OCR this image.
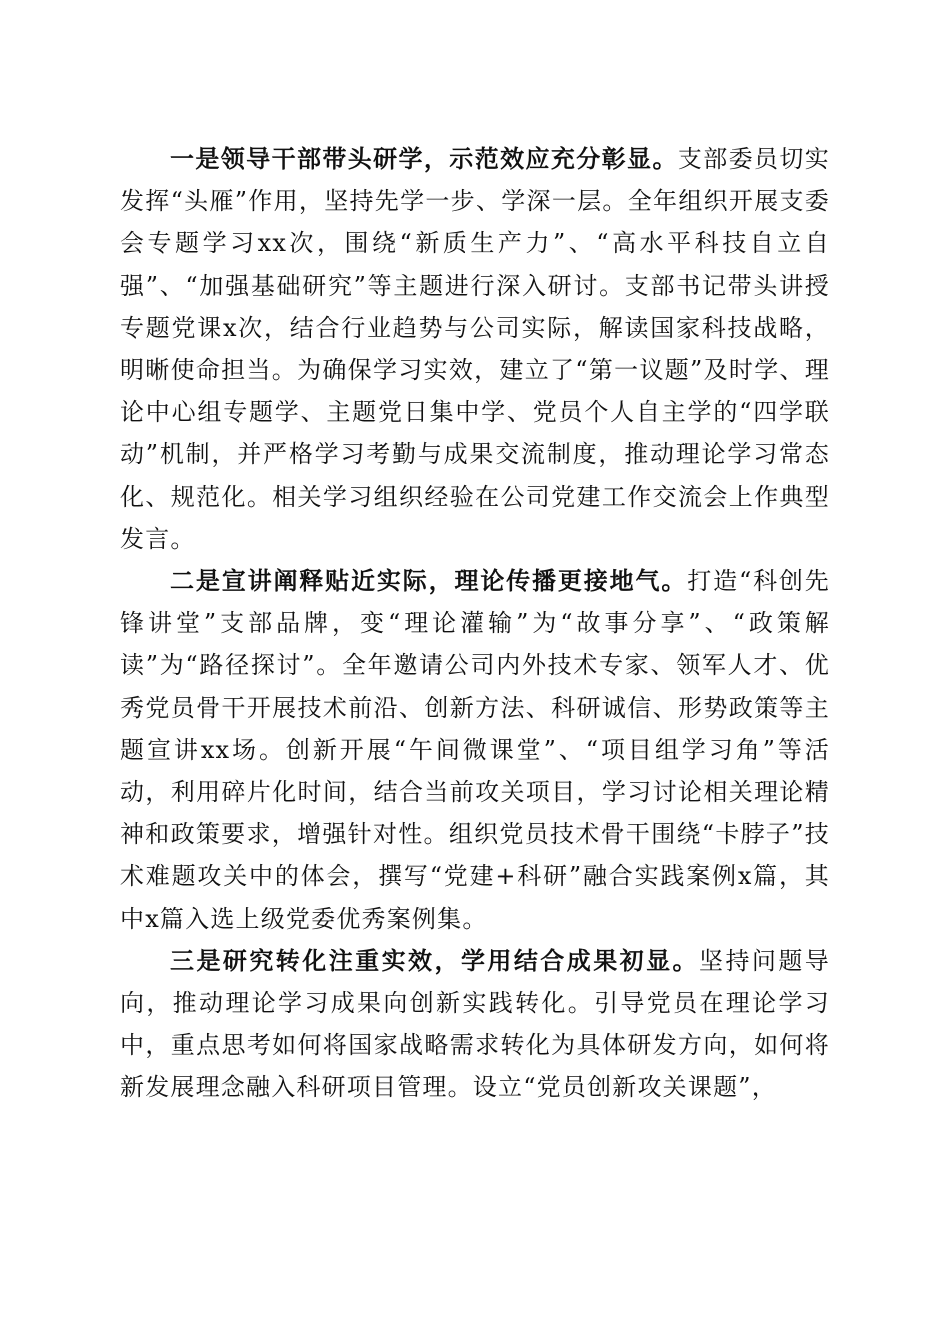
一是领导干部带头研学，示范效应充分彰显。支部委员切实发挥“头雁”作用，坚持先学一步、学深一层。全年组织开展支委会专题学习xx次，围绕“新质生产力”、“高水平科技自立自强”、“加强基础研究”等主题进行深入研讨。支部书记带头讲授专题党课x次，结合行业趋势与公司实际，解读国家科技战略，明晰使命担当。为确保学习实效，建立了“第一议题”及时学、理论中心组专题学、主题党日集中学、党员个人自主学的“四学联动”机制，并严格学习考勤与成果交流制度，推动理论学习常态化、规范化。相关学习组织经验在公司党建工作交流会上作典型发言。

二是宣讲阐释贴近实际，理论传播更接地气。打造“科创先锋讲堂”支部品牌，变“理论灌输”为“故事分享”、“政策解读”为“路径探讨”。全年邀请公司内外技术专家、领军人才、优秀党员骨干开展技术前沿、创新方法、科研诚信、形势政策等主题宣讲xx场。创新开展“午间微课堂”、“项目组学习角”等活动，利用碎片化时间，结合当前攻关项目，学习讨论相关理论精神和政策要求，增强针对性。组织党员技术骨干围绕“卡脖子”技术难题攻关中的体会，撰写“党建+科研”融合实践案例x篇，其中x篇入选上级党委优秀案例集。

三是研究转化注重实效，学用结合成果初显。坚持问题导向，推动理论学习成果向创新实践转化。引导党员在理论学习中，重点思考如何将国家战略需求转化为具体研发方向，如何将新发展理念融入科研项目管理。设立“党员创新攻关课题”，
